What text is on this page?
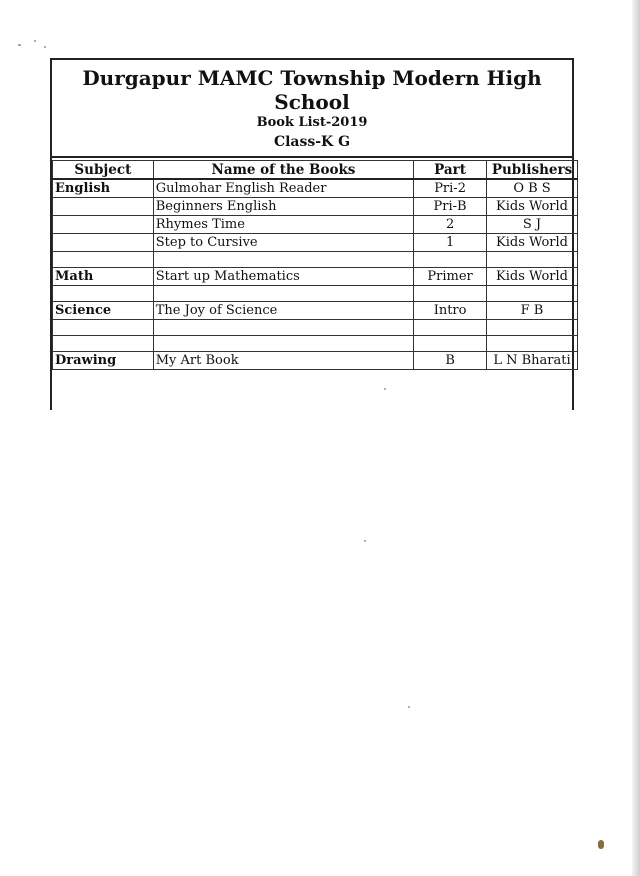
Durgapur MAMC Township Modern High School
Book List-2019
Class-K G
Subject	Name of the Books	Part	Publishers
English	Gulmohar English Reader	Pri-2	O B S
	Beginners English	Pri-B	Kids World
	Rhymes Time	2	S J
	Step to Cursive	1	Kids World

Math	Start up Mathematics	Primer	Kids World

Science	The Joy of Science	Intro	F B

Drawing	My Art Book	B	L N Bharati
